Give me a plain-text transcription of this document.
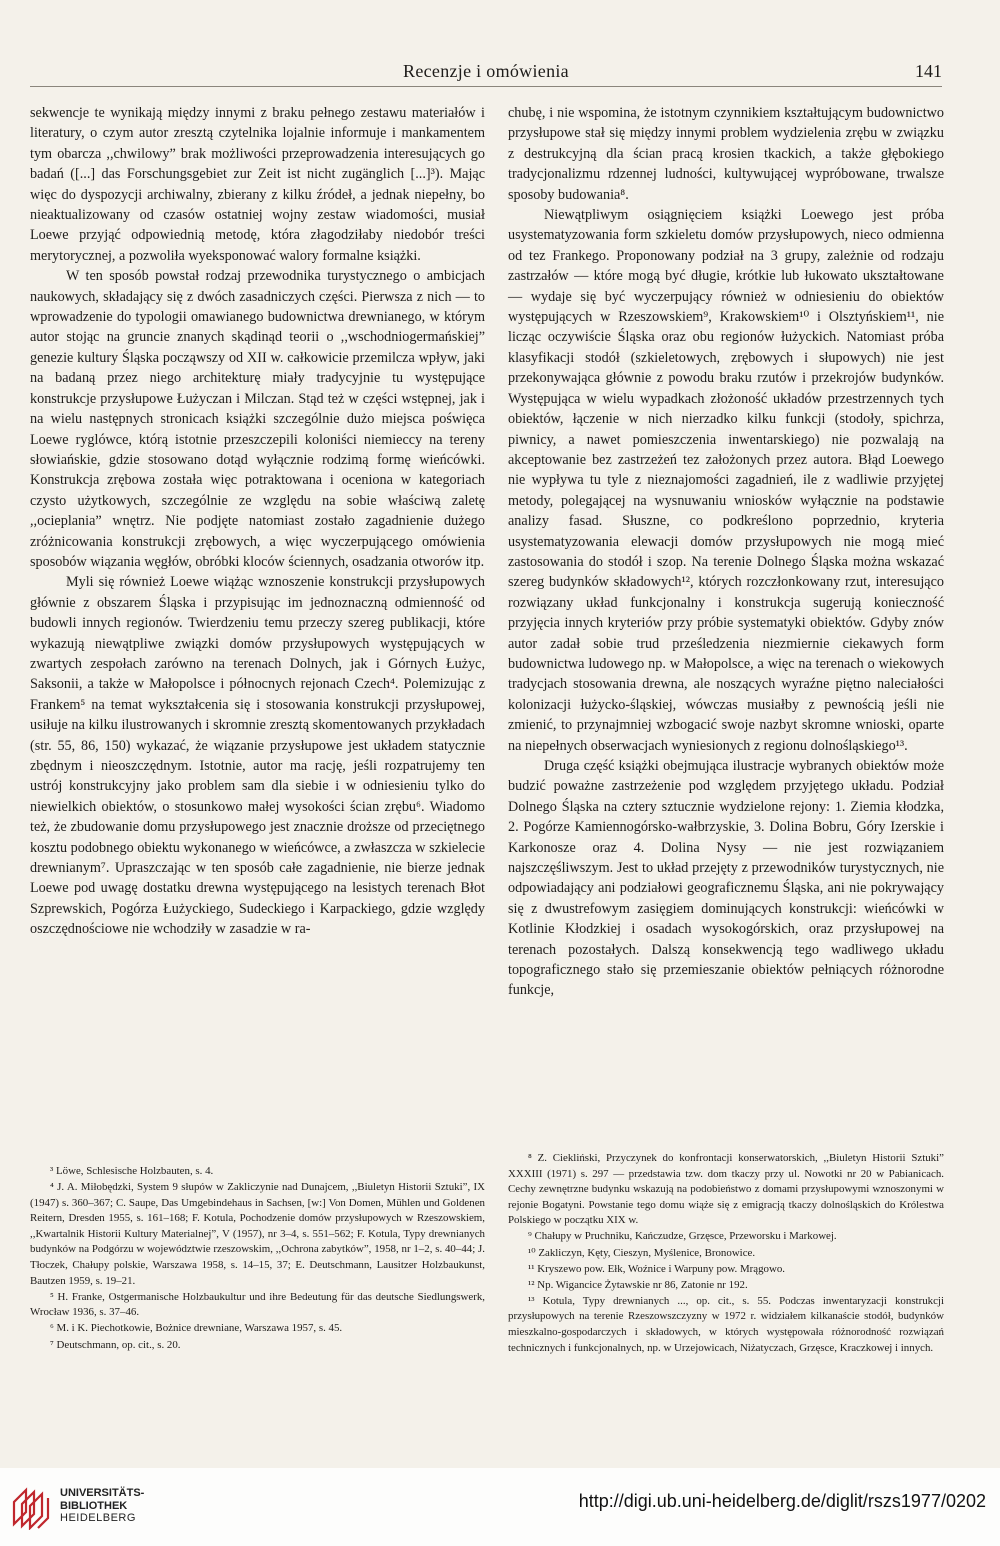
Recenzje i omówienia	141

sekwencje te wynikają między innymi z braku pełnego zestawu materiałów i literatury, o czym autor zresztą czytelnika lojalnie informuje i mankamentem tym obarcza ,,chwilowy” brak możliwości przeprowadzenia interesujących go badań ([...] das Forschungsgebiet zur Zeit ist nicht zugänglich [...]³). Mając więc do dyspozycji archiwalny, zbierany z kilku źródeł, a jednak niepełny, bo nieaktualizowany od czasów ostatniej wojny zestaw wiadomości, musiał Loewe przyjąć odpowiednią metodę, która złagodziłaby niedobór treści merytorycznej, a pozwoliła wyeksponować walory formalne książki.

W ten sposób powstał rodzaj przewodnika turystycznego o ambicjach naukowych, składający się z dwóch zasadniczych części. Pierwsza z nich — to wprowadzenie do typologii omawianego budownictwa drewnianego, w którym autor stojąc na gruncie znanych skądinąd teorii o ,,wschodniogermańskiej” genezie kultury Śląska począwszy od XII w. całkowicie przemilcza wpływ, jaki na badaną przez niego architekturę miały tradycyjnie tu występujące konstrukcje przysłupowe Łużyczan i Milczan. Stąd też w części wstępnej, jak i na wielu następnych stronicach książki szczególnie dużo miejsca poświęca Loewe ryglówce, którą istotnie przeszczepili koloniści niemieccy na tereny słowiańskie, gdzie stosowano dotąd wyłącznie rodzimą formę wieńcówki. Konstrukcja zrębowa została więc potraktowana i oceniona w kategoriach czysto użytkowych, szczególnie ze względu na sobie właściwą zaletę ,,ocieplania” wnętrz. Nie podjęte natomiast zostało zagadnienie dużego zróżnicowania konstrukcji zrębowych, a więc wyczerpującego omówienia sposobów wiązania węgłów, obróbki kloców ściennych, osadzania otworów itp.

Myli się również Loewe wiążąc wznoszenie konstrukcji przysłupowych głównie z obszarem Śląska i przypisując im jednoznaczną odmienność od budowli innych regionów. Twierdzeniu temu przeczy szereg publikacji, które wykazują niewątpliwe związki domów przysłupowych występujących w zwartych zespołach zarówno na terenach Dolnych, jak i Górnych Łużyc, Saksonii, a także w Małopolsce i północnych rejonach Czech⁴. Polemizując z Frankem⁵ na temat wykształcenia się i stosowania konstrukcji przysłupowej, usiłuje na kilku ilustrowanych i skromnie zresztą skomentowanych przykładach (str. 55, 86, 150) wykazać, że wiązanie przysłupowe jest układem statycznie zbędnym i nieoszczędnym. Istotnie, autor ma rację, jeśli rozpatrujemy ten ustrój konstrukcyjny jako problem sam dla siebie i w odniesieniu tylko do niewielkich obiektów, o stosunkowo małej wysokości ścian zrębu⁶. Wiadomo też, że zbudowanie domu przysłupowego jest znacznie droższe od przeciętnego kosztu podobnego obiektu wykonanego w wieńcówce, a zwłaszcza w szkielecie drewnianym⁷. Upraszczając w ten sposób całe zagadnienie, nie bierze jednak Loewe pod uwagę dostatku drewna występującego na lesistych terenach Błot Szprewskich, Pogórza Łużyckiego, Sudeckiego i Karpackiego, gdzie względy oszczędnościowe nie wchodziły w zasadzie w ra-

chubę, i nie wspomina, że istotnym czynnikiem kształtującym budownictwo przysłupowe stał się między innymi problem wydzielenia zrębu w związku z destrukcyjną dla ścian pracą krosien tkackich, a także głębokiego tradycjonalizmu rdzennej ludności, kultywującej wypróbowane, trwalsze sposoby budowania⁸.

Niewątpliwym osiągnięciem książki Loewego jest próba usystematyzowania form szkieletu domów przysłupowych, nieco odmienna od tez Frankego. Proponowany podział na 3 grupy, zależnie od rodzaju zastrzałów — które mogą być długie, krótkie lub łukowato ukształtowane — wydaje się być wyczerpujący również w odniesieniu do obiektów występujących w Rzeszowskiem⁹, Krakowskiem¹⁰ i Olsztyńskiem¹¹, nie licząc oczywiście Śląska oraz obu regionów łużyckich. Natomiast próba klasyfikacji stodół (szkieletowych, zrębowych i słupowych) nie jest przekonywająca głównie z powodu braku rzutów i przekrojów budynków. Występująca w wielu wypadkach złożoność układów przestrzennych tych obiektów, łączenie w nich nierzadko kilku funkcji (stodoły, spichrza, piwnicy, a nawet pomieszczenia inwentarskiego) nie pozwalają na akceptowanie bez zastrzeżeń tez założonych przez autora. Błąd Loewego nie wypływa tu tyle z nieznajomości zagadnień, ile z wadliwie przyjętej metody, polegającej na wysnuwaniu wniosków wyłącznie na podstawie analizy fasad. Słuszne, co podkreślono poprzednio, kryteria usystematyzowania elewacji domów przysłupowych nie mogą mieć zastosowania do stodół i szop. Na terenie Dolnego Śląska można wskazać szereg budynków składowych¹², których rozczłonkowany rzut, interesująco rozwiązany układ funkcjonalny i konstrukcja sugerują konieczność przyjęcia innych kryteriów przy próbie systematyki obiektów. Gdyby znów autor zadał sobie trud prześledzenia niezmiernie ciekawych form budownictwa ludowego np. w Małopolsce, a więc na terenach o wiekowych tradycjach stosowania drewna, ale noszących wyraźne piętno naleciałości kolonizacji łużycko-śląskiej, wówczas musiałby z pewnością jeśli nie zmienić, to przynajmniej wzbogacić swoje nazbyt skromne wnioski, oparte na niepełnych obserwacjach wyniesionych z regionu dolnośląskiego¹³.

Druga część książki obejmująca ilustracje wybranych obiektów może budzić poważne zastrzeżenie pod względem przyjętego układu. Podział Dolnego Śląska na cztery sztucznie wydzielone rejony: 1. Ziemia kłodzka, 2. Pogórze Kamiennogórsko-wałbrzyskie, 3. Dolina Bobru, Góry Izerskie i Karkonosze oraz 4. Dolina Nysy — nie jest rozwiązaniem najszczęśliwszym. Jest to układ przejęty z przewodników turystycznych, nie odpowiadający ani podziałowi geograficznemu Śląska, ani nie pokrywający się z dwustrefowym zasięgiem dominujących konstrukcji: wieńcówki w Kotlinie Kłodzkiej i osadach wysokogórskich, oraz przysłupowej na terenach pozostałych. Dalszą konsekwencją tego wadliwego układu topograficznego stało się przemieszanie obiektów pełniących różnorodne funkcje,

³ Löwe, Schlesische Holzbauten, s. 4.

⁴ J. A. Miłobędzki, System 9 słupów w Zakliczynie nad Dunajcem, ,,Biuletyn Historii Sztuki”, IX (1947) s. 360–367; C. Saupe, Das Umgebindehaus in Sachsen, [w:] Von Domen, Mühlen und Goldenen Reitern, Dresden 1955, s. 161–168; F. Kotula, Pochodzenie domów przysłupowych w Rzeszowskiem, ,,Kwartalnik Historii Kultury Materialnej”, V (1957), nr 3–4, s. 551–562; F. Kotula, Typy drewnianych budynków na Podgórzu w województwie rzeszowskim, ,,Ochrona zabytków”, 1958, nr 1–2, s. 40–44; J. Tłoczek, Chałupy polskie, Warszawa 1958, s. 14–15, 37; E. Deutschmann, Lausitzer Holzbaukunst, Bautzen 1959, s. 19–21.

⁵ H. Franke, Ostgermanische Holzbaukultur und ihre Bedeutung für das deutsche Siedlungswerk, Wrocław 1936, s. 37–46.

⁶ M. i K. Piechotkowie, Bożnice drewniane, Warszawa 1957, s. 45.

⁷ Deutschmann, op. cit., s. 20.

⁸ Z. Ciekliński, Przyczynek do konfrontacji konserwatorskich, ,,Biuletyn Historii Sztuki” XXXIII (1971) s. 297 — przedstawia tzw. dom tkaczy przy ul. Nowotki nr 20 w Pabianicach. Cechy zewnętrzne budynku wskazują na podobieństwo z domami przysłupowymi wznoszonymi w rejonie Bogatyni. Powstanie tego domu wiąże się z emigracją tkaczy dolnośląskich do Królestwa Polskiego w początku XIX w.

⁹ Chałupy w Pruchniku, Kańczudze, Grzęsce, Przeworsku i Markowej.

¹⁰ Zakliczyn, Kęty, Cieszyn, Myślenice, Bronowice.

¹¹ Kryszewo pow. Ełk, Woźnice i Warpuny pow. Mrągowo.

¹² Np. Wigancice Żytawskie nr 86, Zatonie nr 192.

¹³ Kotula, Typy drewnianych ..., op. cit., s. 55. Podczas inwentaryzacji konstrukcji przysłupowych na terenie Rzeszowszczyzny w 1972 r. widziałem kilkanaście stodół, budynków mieszkalno-gospodarczych i składowych, w których występowała różnorodność rozwiązań technicznych i funkcjonalnych, np. w Urzejowicach, Niżatyczach, Grzęsce, Kraczkowej i innych.

UNIVERSITÄTS-
BIBLIOTHEK
HEIDELBERG
http://digi.ub.uni-heidelberg.de/diglit/rszs1977/0202
